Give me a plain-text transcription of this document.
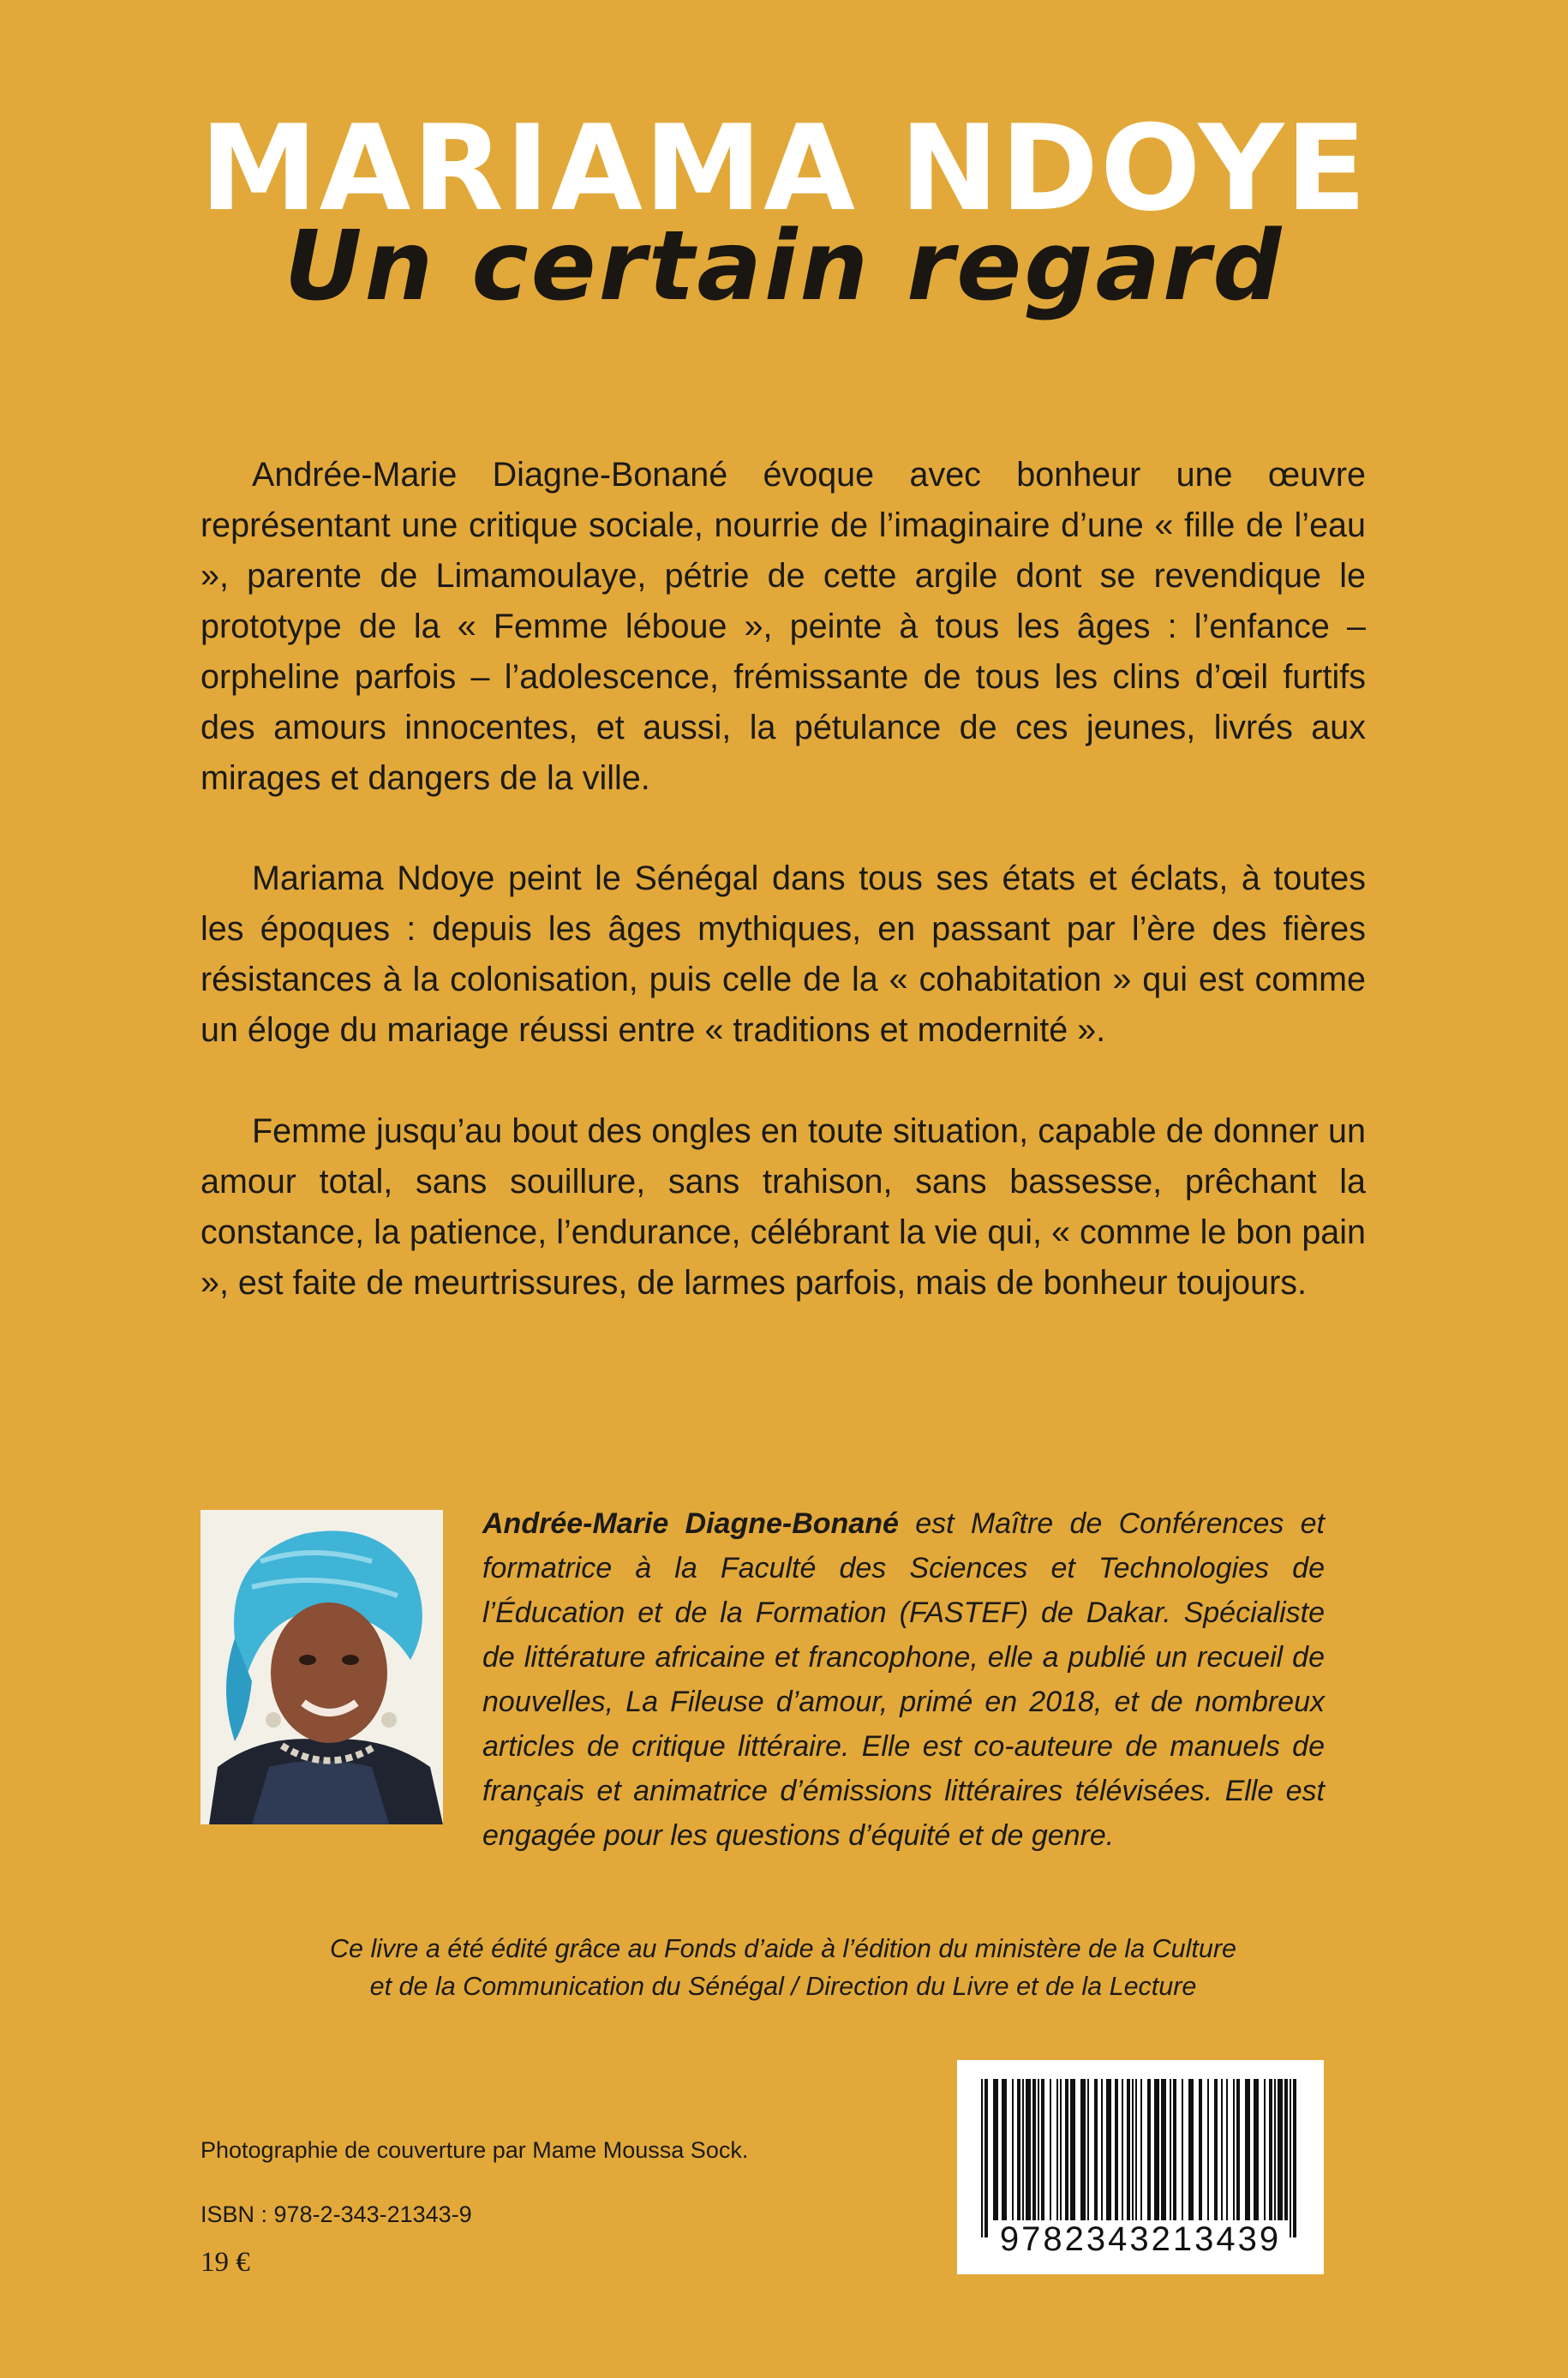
MARIAMA NDOYE
Un certain regard

Andrée-Marie Diagne-Bonané évoque avec bonheur une œuvre représentant une critique sociale, nourrie de l’imaginaire d’une « fille de l’eau », parente de Limamoulaye, pétrie de cette argile dont se revendique le prototype de la « Femme léboue », peinte à tous les âges : l’enfance – orpheline parfois – l’adolescence, frémissante de tous les clins d’œil furtifs des amours innocentes, et aussi, la pétulance de ces jeunes, livrés aux mirages et dangers de la ville.

Mariama Ndoye peint le Sénégal dans tous ses états et éclats, à toutes les époques : depuis les âges mythiques, en passant par l’ère des fières résistances à la colonisation, puis celle de la « cohabitation » qui est comme un éloge du mariage réussi entre « traditions et modernité ».

Femme jusqu’au bout des ongles en toute situation, capable de donner un amour total, sans souillure, sans trahison, sans bassesse, prêchant la constance, la patience, l’endurance, célébrant la vie qui, « comme le bon pain », est faite de meurtrissures, de larmes parfois, mais de bonheur toujours.

Andrée-Marie Diagne-Bonané est Maître de Conférences et formatrice à la Faculté des Sciences et Technologies de l’Éducation et de la Formation (FASTEF) de Dakar. Spécialiste de littérature africaine et francophone, elle a publié un recueil de nouvelles, La Fileuse d’amour, primé en 2018, et de nombreux articles de critique littéraire. Elle est co-auteure de manuels de français et animatrice d’émissions littéraires télévisées. Elle est engagée pour les questions d’équité et de genre.

Ce livre a été édité grâce au Fonds d’aide à l’édition du ministère de la Culture
et de la Communication du Sénégal / Direction du Livre et de la Lecture

Photographie de couverture par Mame Moussa Sock.

ISBN : 978-2-343-21343-9

19 €

9782343213439
